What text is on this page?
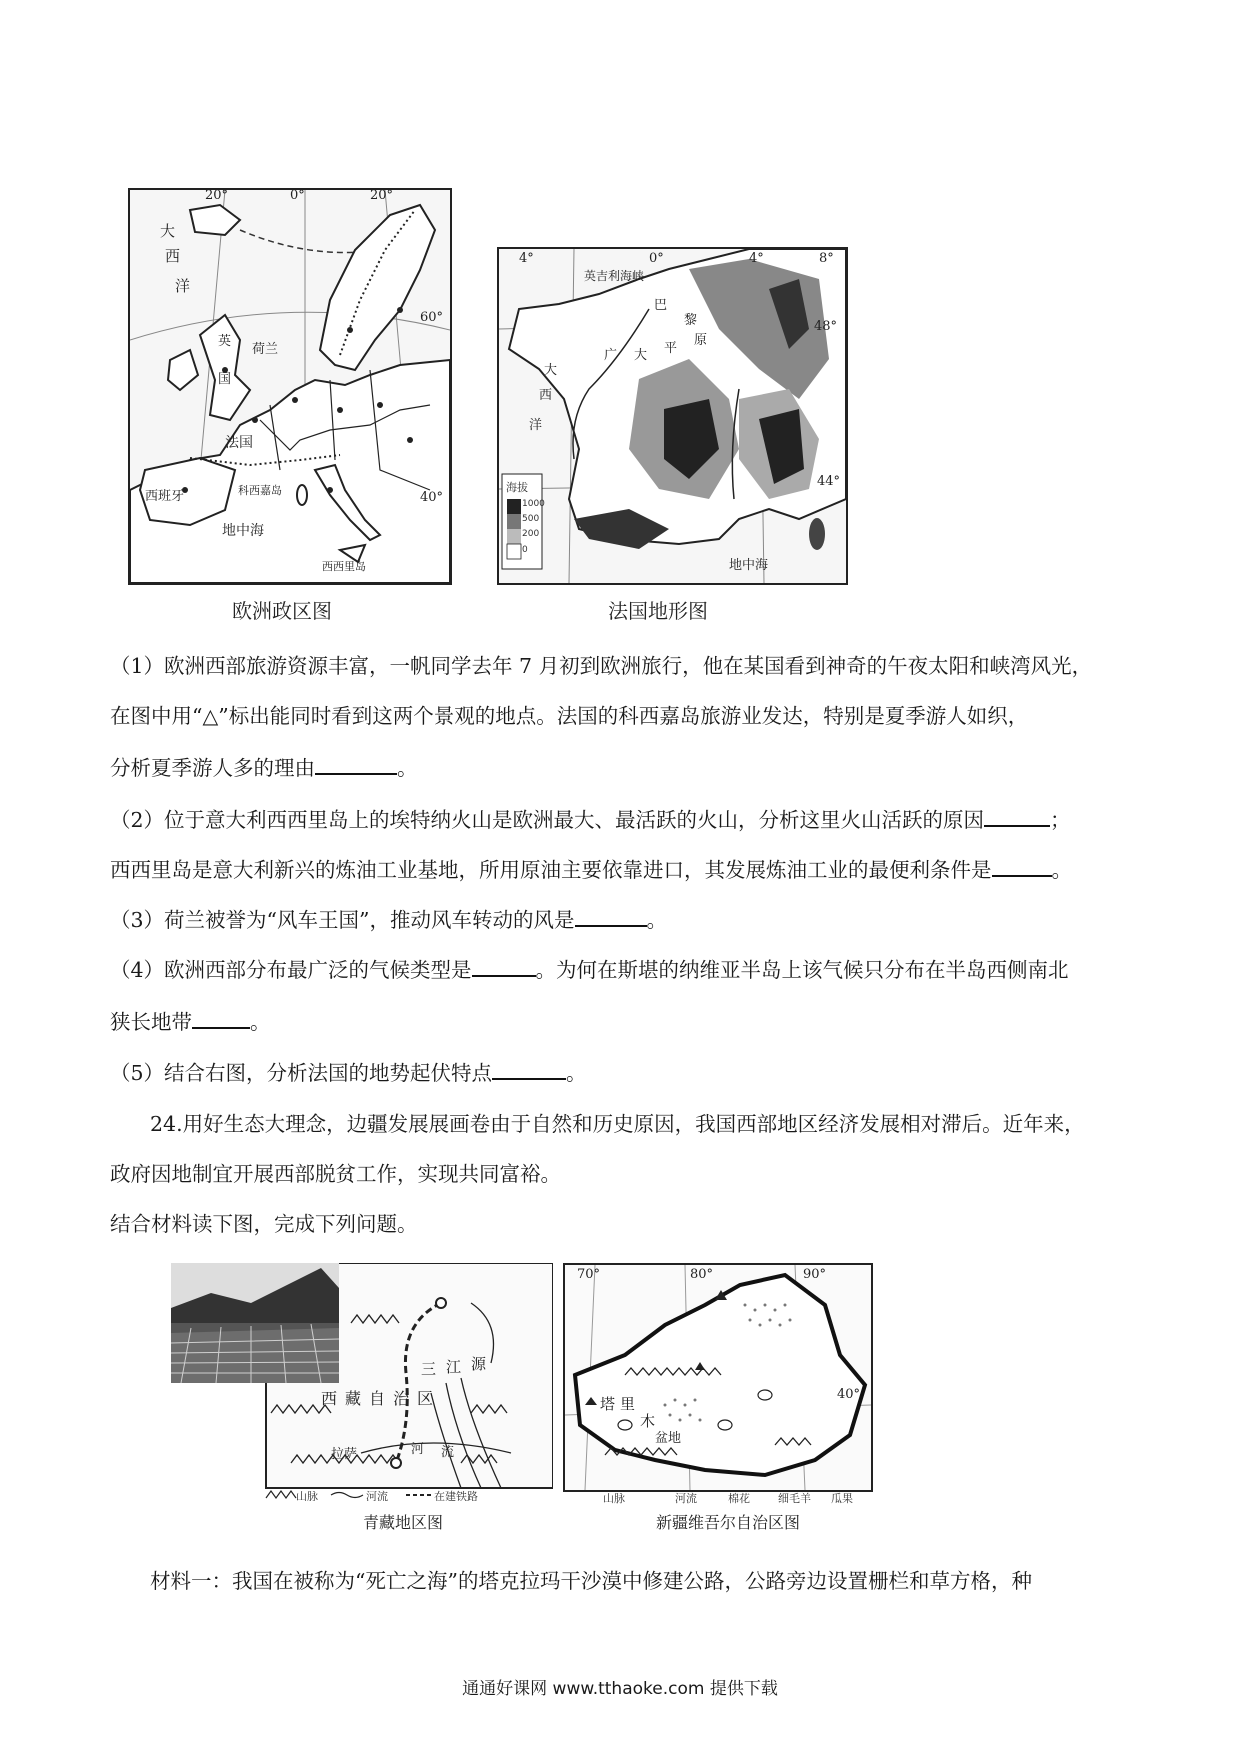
20°	0°	20°
60°
40°
大
西
洋
英
国
荷兰
法国
西班牙	科西嘉岛
地中海
西西里岛
欧洲政区图
4°	0°	4°	8°
48°
44°
英吉利海峡
巴
黎
广 大 平
原
大
西
洋
地中海
海拔
1000
500
200
0
法国地形图
（1）欧洲西部旅游资源丰富，一帆同学去年 7 月初到欧洲旅行，他在某国看到神奇的午夜太阳和峡湾风光，
在图中用“△”标出能同时看到这两个景观的地点。法国的科西嘉岛旅游业发达，特别是夏季游人如织，
分析夏季游人多的理由	。
（2）位于意大利西西里岛上的埃特纳火山是欧洲最大、最活跃的火山，分析这里火山活跃的原因	；
西西里岛是意大利新兴的炼油工业基地，所用原油主要依靠进口，其发展炼油工业的最便利条件是	。
（3）荷兰被誉为“风车王国”，推动风车转动的风是	。
（4）欧洲西部分布最广泛的气候类型是	。为何在斯堪的纳维亚半岛上该气候只分布在半岛西侧南北
狭长地带	。
（5）结合右图，分析法国的地势起伏特点	。
24.用好生态大理念，边疆发展展画卷由于自然和历史原因，我国西部地区经济发展相对滞后。近年来，
政府因地制宜开展西部脱贫工作，实现共同富裕。
结合材料读下图，完成下列问题。
西藏自治区
三 江 源
拉萨	河 流
山脉	河流	在建铁路
青藏地区图
70°	80°	90°
40°
塔 里
木
盆地
山脉	河流	棉花	细毛羊 瓜果
新疆维吾尔自治区图
材料一：我国在被称为“死亡之海”的塔克拉玛干沙漠中修建公路，公路旁边设置栅栏和草方格，种
通通好课网 www.tthaoke.com 提供下载
